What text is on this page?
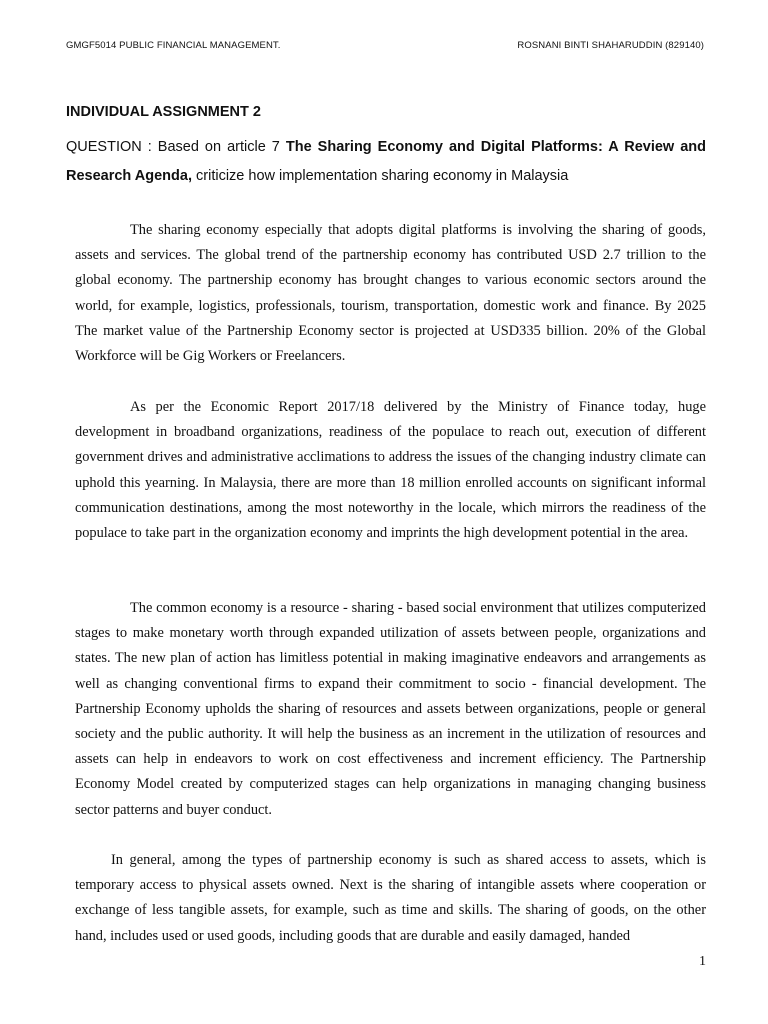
GMGF5014 PUBLIC FINANCIAL MANAGEMENT.	ROSNANI BINTI SHAHARUDDIN (829140)
INDIVIDUAL ASSIGNMENT 2
QUESTION : Based on article 7 The Sharing Economy and Digital Platforms: A Review and Research Agenda, criticize how implementation sharing economy in Malaysia

The sharing economy especially that adopts digital platforms is involving the sharing of goods, assets and services. The global trend of the partnership economy has contributed USD 2.7 trillion to the global economy. The partnership economy has brought changes to various economic sectors around the world, for example, logistics, professionals, tourism, transportation, domestic work and finance. By 2025 The market value of the Partnership Economy sector is projected at USD335 billion. 20% of the Global Workforce will be Gig Workers or Freelancers.

As per the Economic Report 2017/18 delivered by the Ministry of Finance today, huge development in broadband organizations, readiness of the populace to reach out, execution of different government drives and administrative acclimations to address the issues of the changing industry climate can uphold this yearning. In Malaysia, there are more than 18 million enrolled accounts on significant informal communication destinations, among the most noteworthy in the locale, which mirrors the readiness of the populace to take part in the organization economy and imprints the high development potential in the area.

The common economy is a resource - sharing - based social environment that utilizes computerized stages to make monetary worth through expanded utilization of assets between people, organizations and states. The new plan of action has limitless potential in making imaginative endeavors and arrangements as well as changing conventional firms to expand their commitment to socio - financial development. The Partnership Economy upholds the sharing of resources and assets between organizations, people or general society and the public authority. It will help the business as an increment in the utilization of resources and assets can help in endeavors to work on cost effectiveness and increment efficiency. The Partnership Economy Model created by computerized stages can help organizations in managing changing business sector patterns and buyer conduct.

In general, among the types of partnership economy is such as shared access to assets, which is temporary access to physical assets owned. Next is the sharing of intangible assets where cooperation or exchange of less tangible assets, for example, such as time and skills. The sharing of goods, on the other hand, includes used or used goods, including goods that are durable and easily damaged, handed

1
